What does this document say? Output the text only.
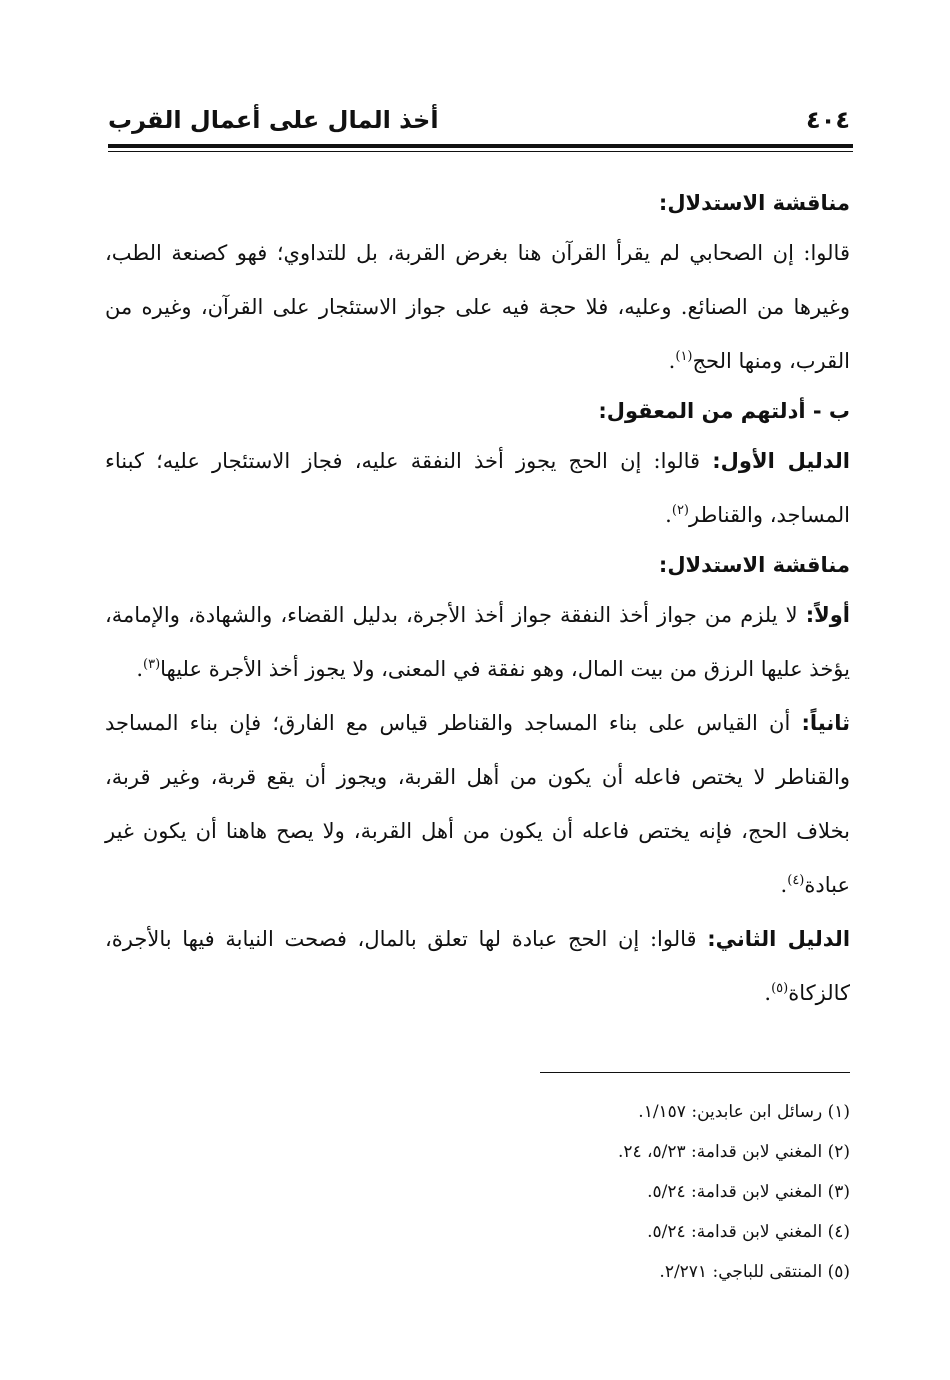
٤٠٤
أخذ المال على أعمال القرب

مناقشة الاستدلال:

قالوا: إن الصحابي لم يقرأ القرآن هنا بغرض القربة، بل للتداوي؛ فهو كصنعة الطب، وغيرها من الصنائع. وعليه، فلا حجة فيه على جواز الاستئجار على القرآن، وغيره من القرب، ومنها الحج$^{(١)}$.

ب - أدلتهم من المعقول:

الدليل الأول: قالوا: إن الحج يجوز أخذ النفقة عليه، فجاز الاستئجار عليه؛ كبناء المساجد، والقناطر$^{(٢)}$.

مناقشة الاستدلال:

أولاً: لا يلزم من جواز أخذ النفقة جواز أخذ الأجرة، بدليل القضاء، والشهادة، والإمامة، يؤخذ عليها الرزق من بيت المال، وهو نفقة في المعنى، ولا يجوز أخذ الأجرة عليها$^{(٣)}$.

ثانياً: أن القياس على بناء المساجد والقناطر قياس مع الفارق؛ فإن بناء المساجد والقناطر لا يختص فاعله أن يكون من أهل القربة، ويجوز أن يقع قربة، وغير قربة، بخلاف الحج، فإنه يختص فاعله أن يكون من أهل القربة، ولا يصح هاهنا أن يكون غير عبادة$^{(٤)}$.

الدليل الثاني: قالوا: إن الحج عبادة لها تعلق بالمال، فصحت النيابة فيها بالأجرة، كالزكاة$^{(٥)}$.

(١) رسائل ابن عابدين: ١/١٥٧.
(٢) المغني لابن قدامة: ٥/٢٣، ٢٤.
(٣) المغني لابن قدامة: ٥/٢٤.
(٤) المغني لابن قدامة: ٥/٢٤.
(٥) المنتقى للباجي: ٢/٢٧١.
